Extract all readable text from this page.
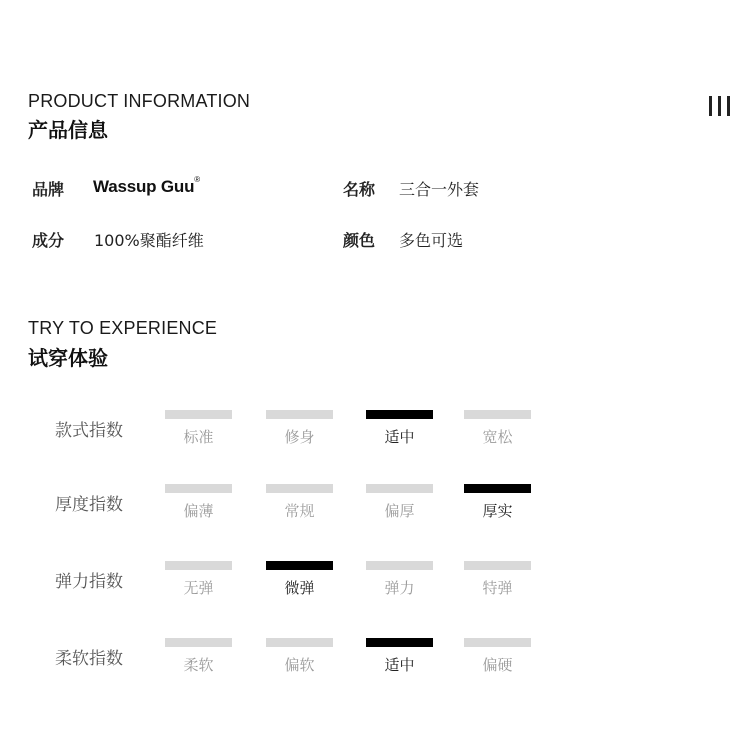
PRODUCT INFORMATION
产品信息
品牌 Wassup Guu®
名称 三合一外套
成分 100%聚酯纤维	颜色 多色可选
TRY TO EXPERIENCE
试穿体验
款式指数	标准	修身	适中	宽松
厚度指数	偏薄	常规	偏厚	厚实
弹力指数	无弹	微弹	弹力	特弹
柔软指数	柔软	偏软	适中	偏硬
